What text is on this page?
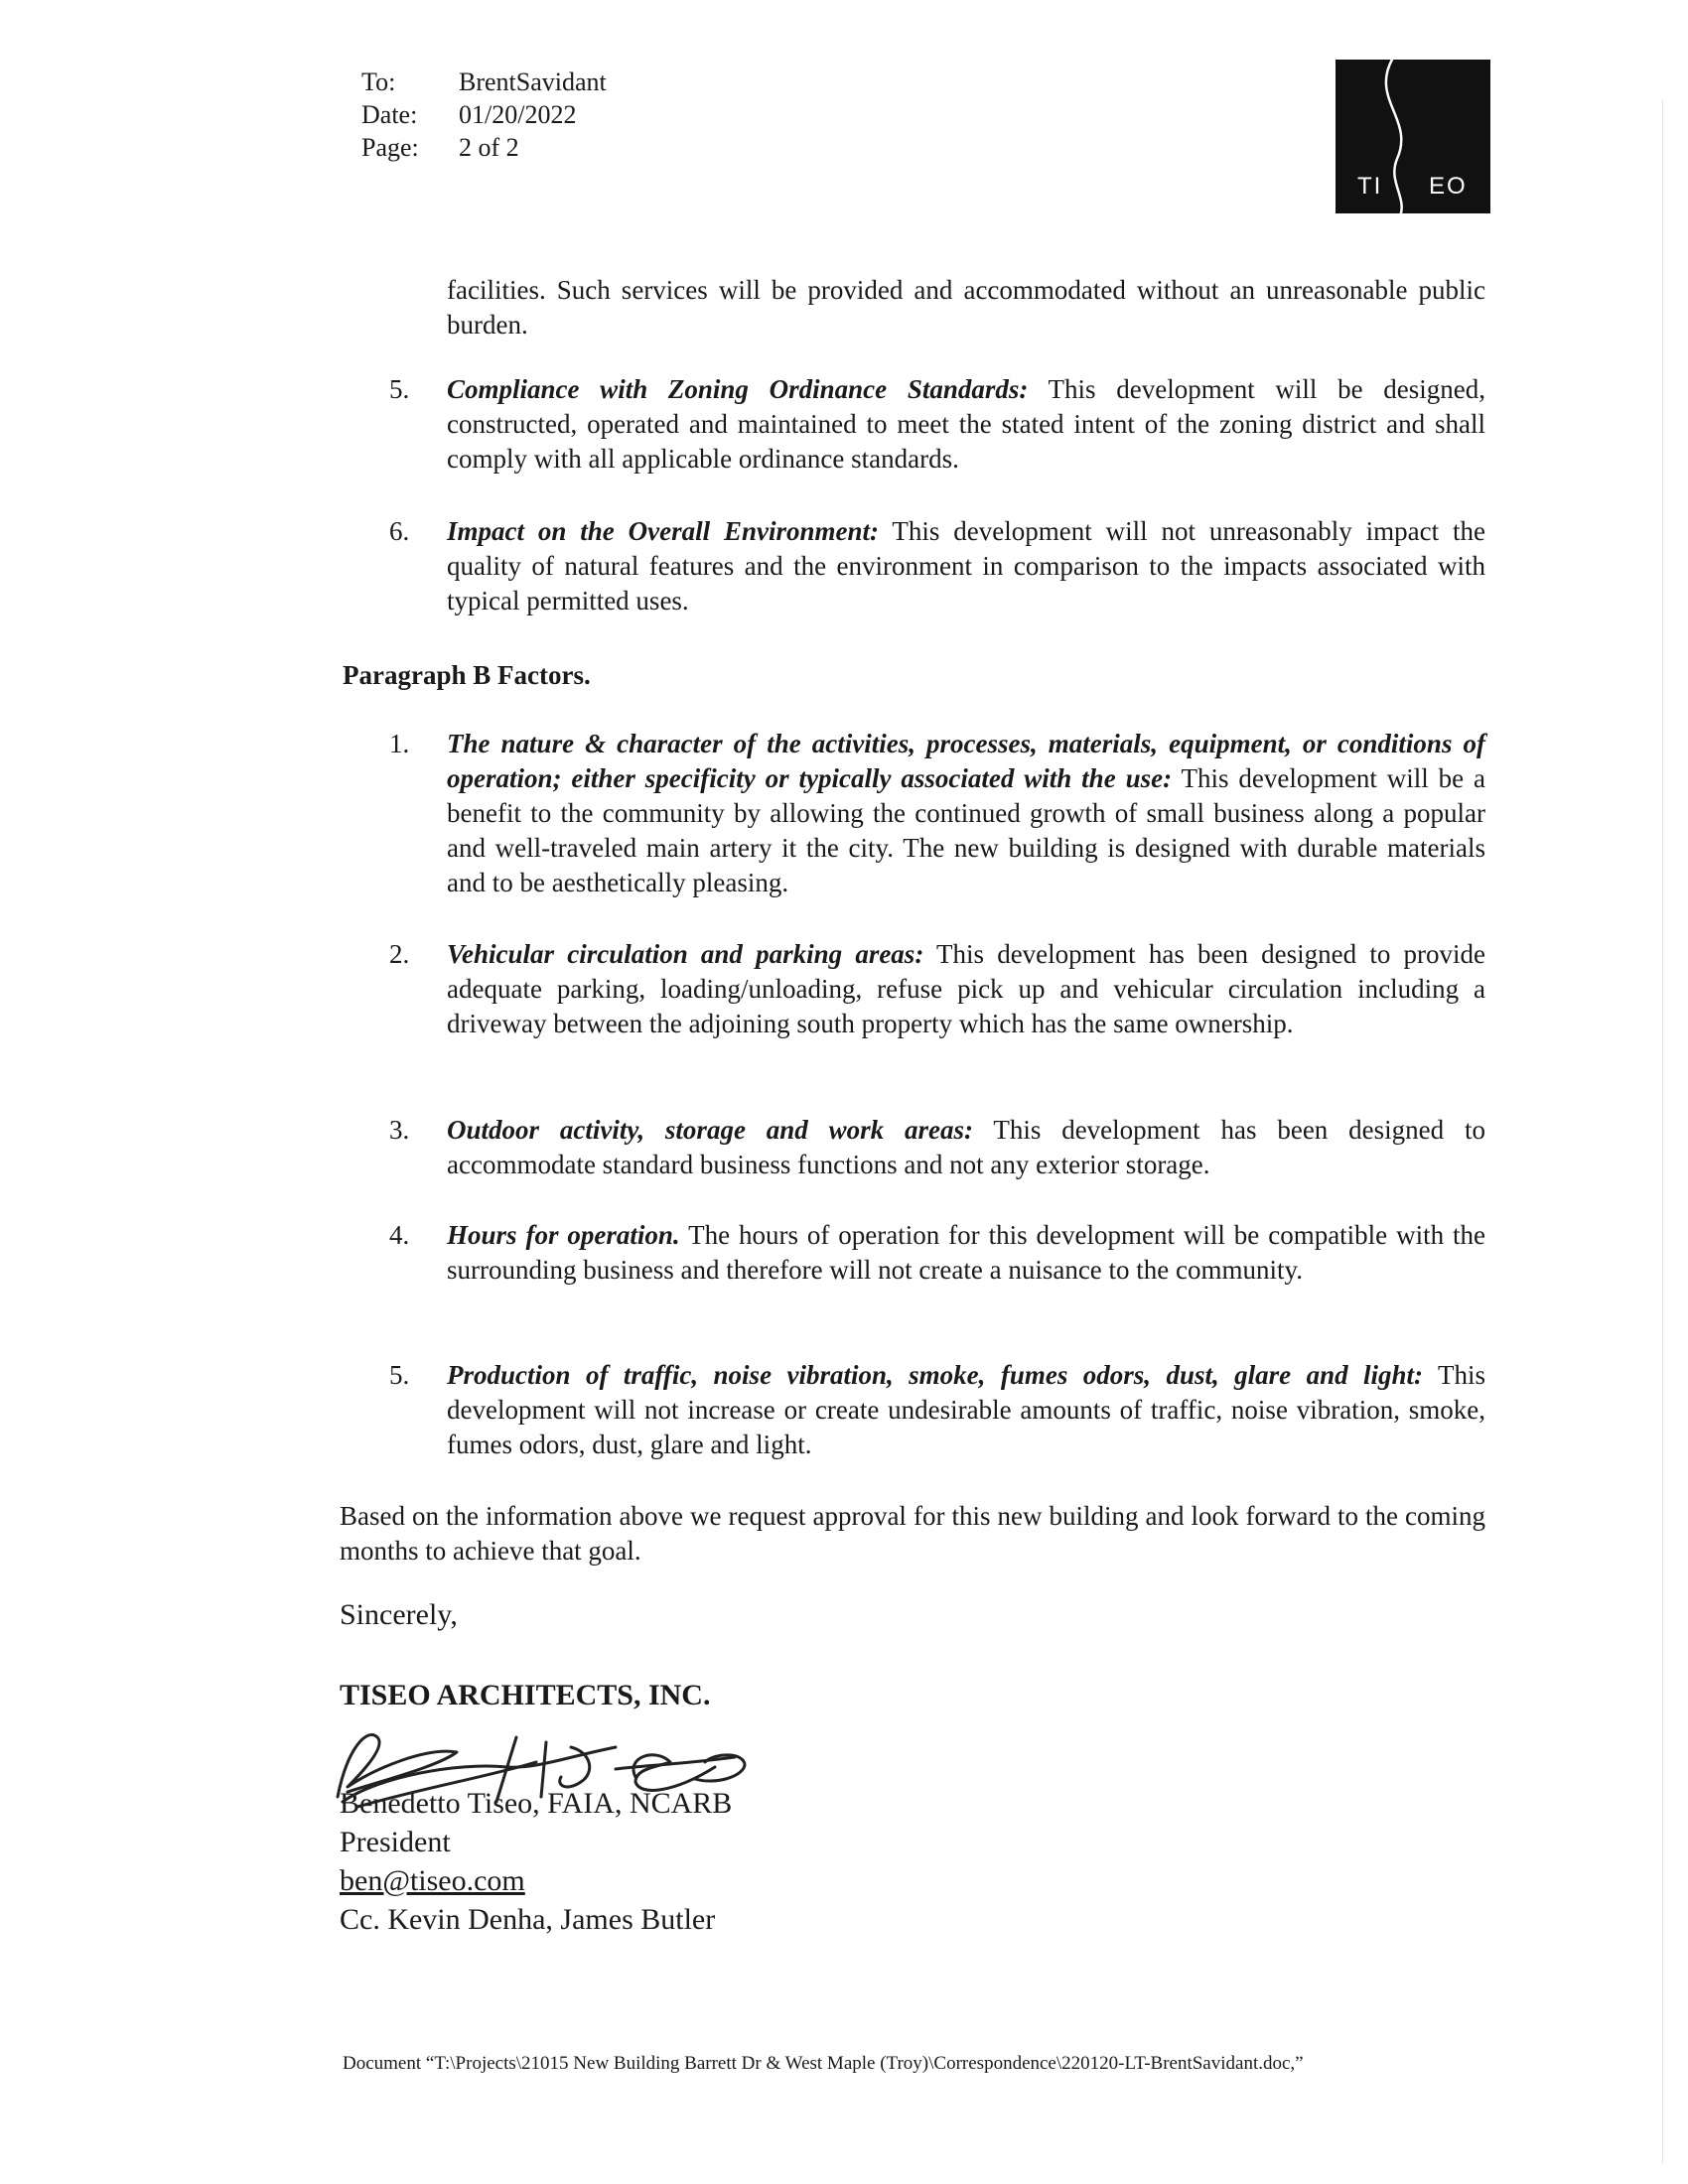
To:	BrentSavidant
Date:	01/20/2022
Page:	2 of 2
TI EO
facilities. Such services will be provided and accommodated without an unreasonable public burden.
5.	Compliance with Zoning Ordinance Standards: This development will be designed, constructed, operated and maintained to meet the stated intent of the zoning district and shall comply with all applicable ordinance standards.
6.	Impact on the Overall Environment: This development will not unreasonably impact the quality of natural features and the environment in comparison to the impacts associated with typical permitted uses.
Paragraph B Factors.
1.	The nature & character of the activities, processes, materials, equipment, or conditions of operation; either specificity or typically associated with the use: This development will be a benefit to the community by allowing the continued growth of small business along a popular and well-traveled main artery it the city. The new building is designed with durable materials and to be aesthetically pleasing.
2.	Vehicular circulation and parking areas: This development has been designed to provide adequate parking, loading/unloading, refuse pick up and vehicular circulation including a driveway between the adjoining south property which has the same ownership.
3.	Outdoor activity, storage and work areas: This development has been designed to accommodate standard business functions and not any exterior storage.
4.	Hours for operation. The hours of operation for this development will be compatible with the surrounding business and therefore will not create a nuisance to the community.
5.	Production of traffic, noise vibration, smoke, fumes odors, dust, glare and light: This development will not increase or create undesirable amounts of traffic, noise vibration, smoke, fumes odors, dust, glare and light.
Based on the information above we request approval for this new building and look forward to the coming months to achieve that goal.
Sincerely,
TISEO ARCHITECTS, INC.
Benedetto Tiseo, FAIA, NCARB
President
ben@tiseo.com
Cc. Kevin Denha, James Butler
Document “T:\Projects\21015 New Building Barrett Dr & West Maple (Troy)\Correspondence\220120-LT-BrentSavidant.doc,”
